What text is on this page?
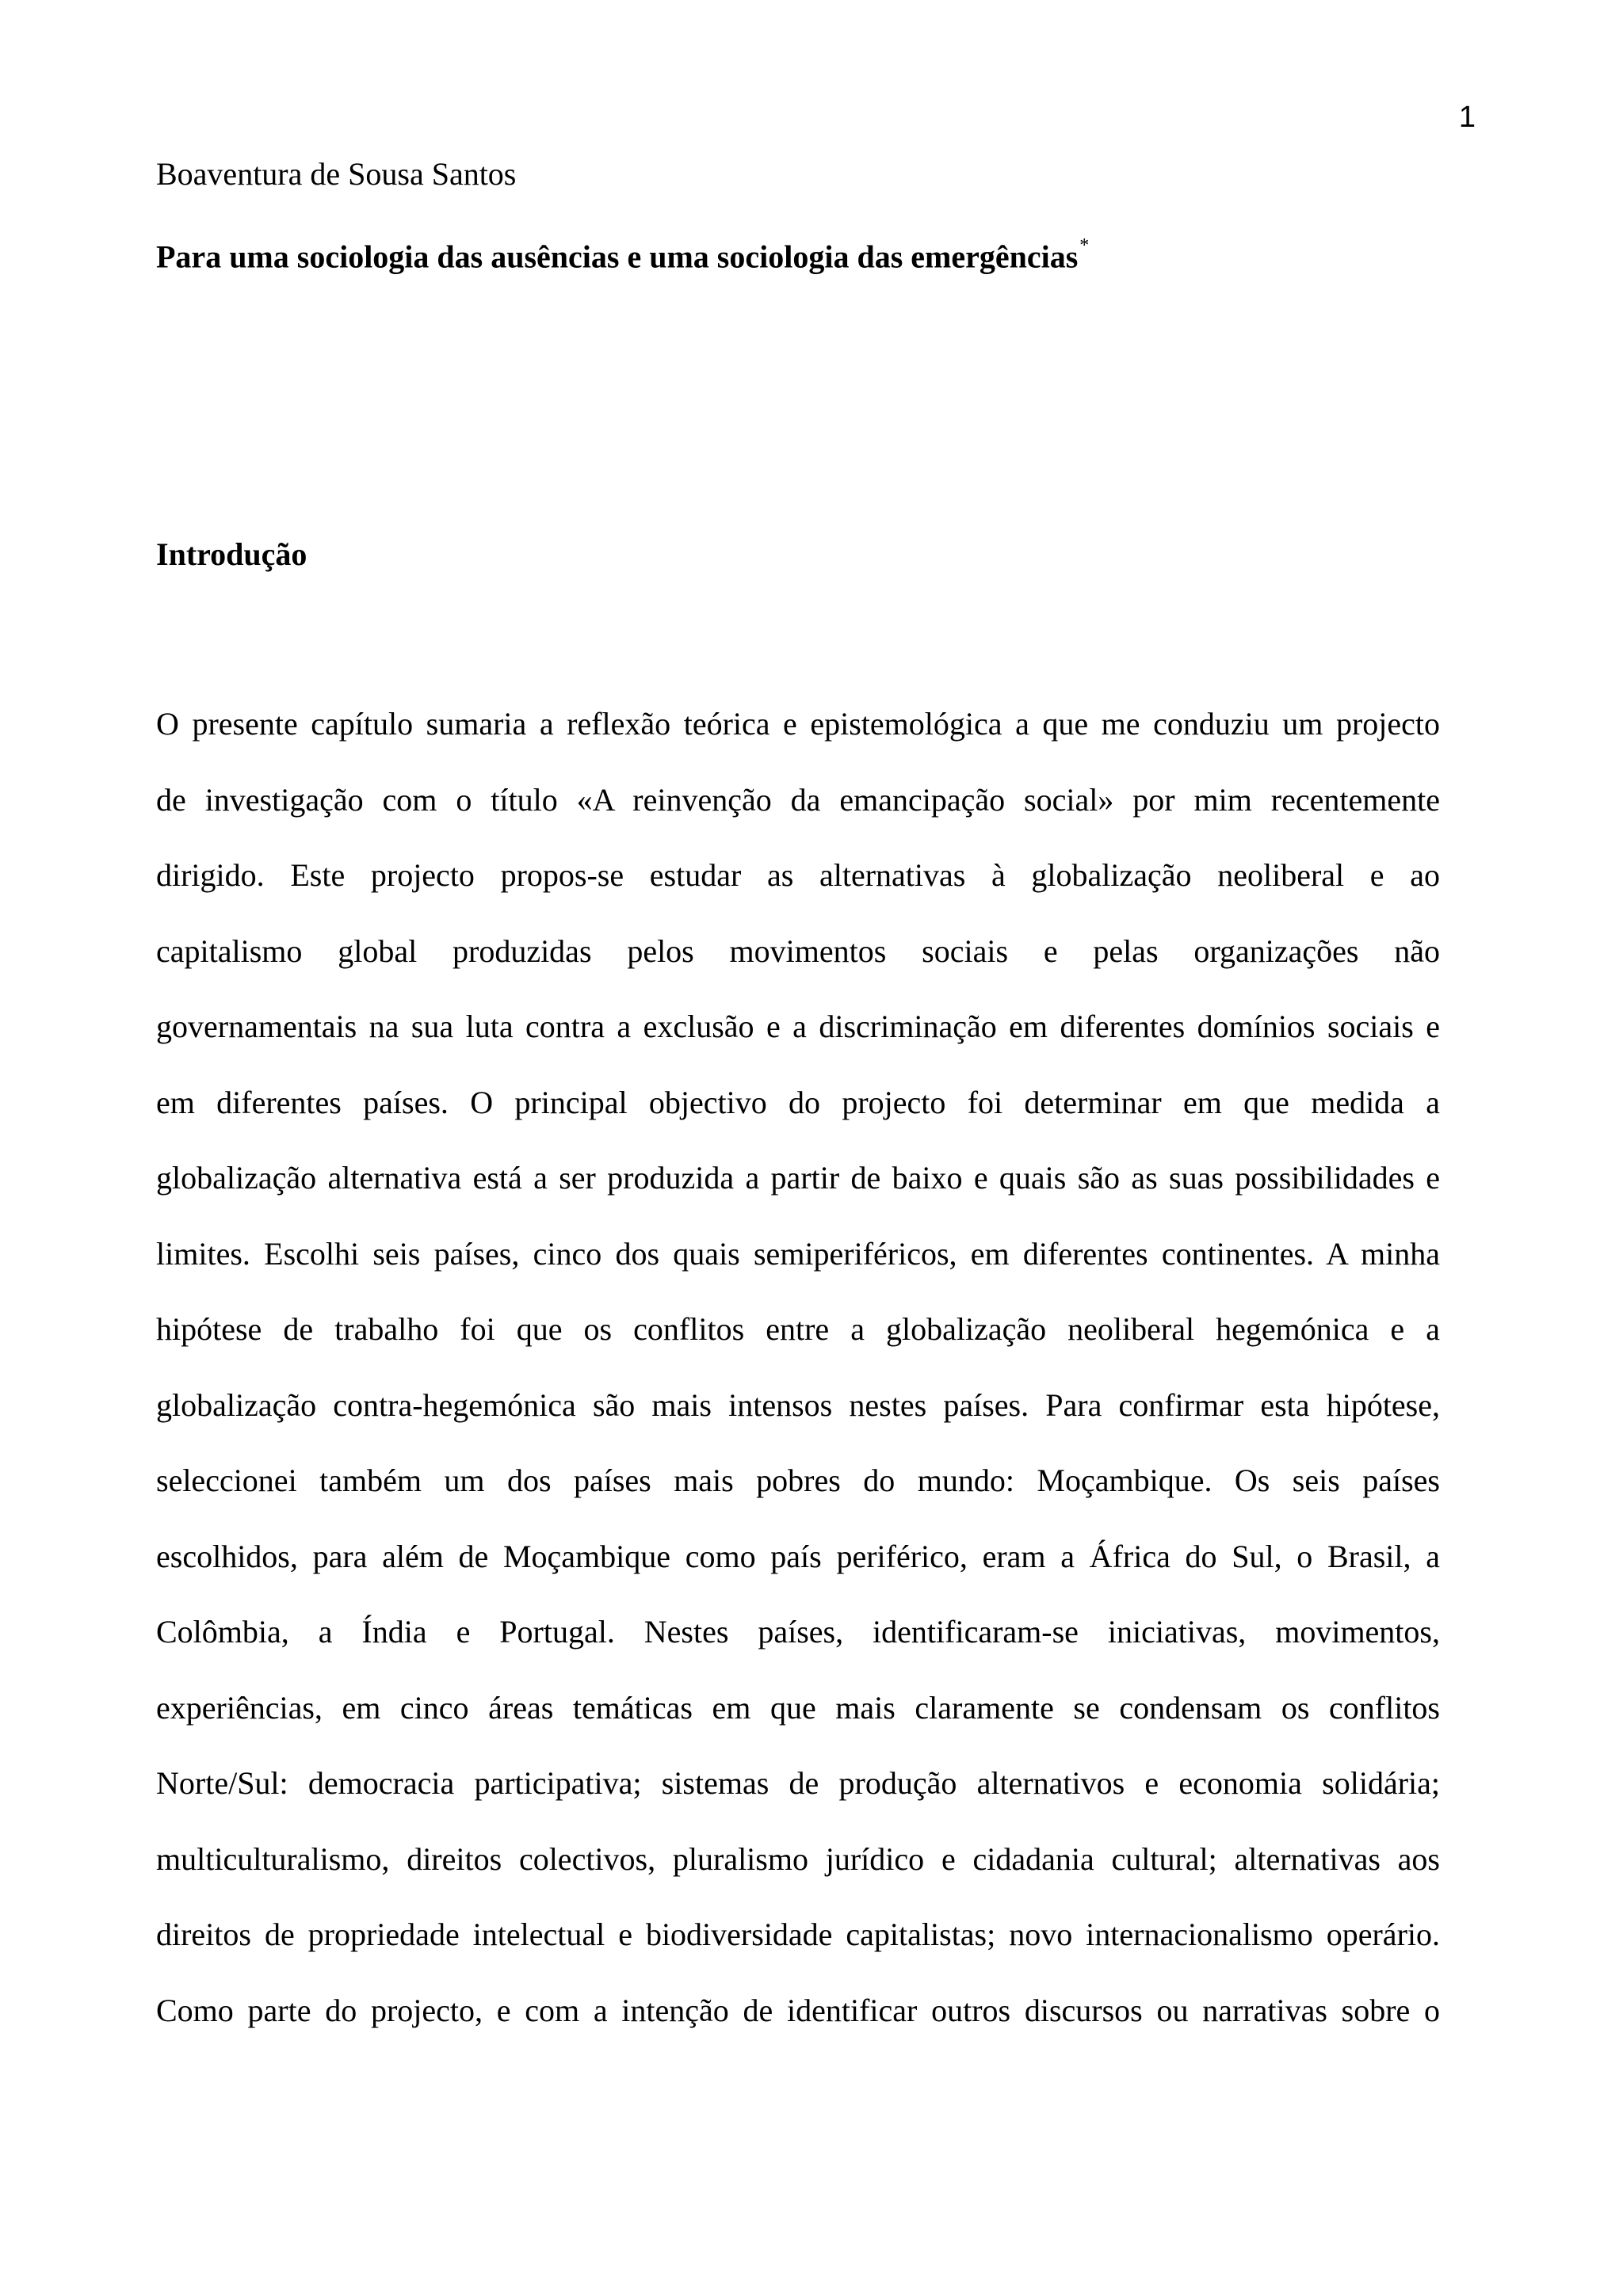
1
Boaventura de Sousa Santos
Para uma sociologia das ausências e uma sociologia das emergências*
Introdução
O presente capítulo sumaria a reflexão teórica e epistemológica a que me conduziu um projecto
de investigação com o título «A reinvenção da emancipação social» por mim recentemente
dirigido. Este projecto propos-se estudar as alternativas à globalização neoliberal e ao
capitalismo global produzidas pelos movimentos sociais e pelas organizações não
governamentais na sua luta contra a exclusão e a discriminação em diferentes domínios sociais e
em diferentes países. O principal objectivo do projecto foi determinar em que medida a
globalização alternativa está a ser produzida a partir de baixo e quais são as suas possibilidades e
limites. Escolhi seis países, cinco dos quais semiperiféricos, em diferentes continentes. A minha
hipótese de trabalho foi que os conflitos entre a globalização neoliberal hegemónica e a
globalização contra-hegemónica são mais intensos nestes países. Para confirmar esta hipótese,
seleccionei também um dos países mais pobres do mundo: Moçambique. Os seis países
escolhidos, para além de Moçambique como país periférico, eram a África do Sul, o Brasil, a
Colômbia, a Índia e Portugal. Nestes países, identificaram-se iniciativas, movimentos,
experiências, em cinco áreas temáticas em que mais claramente se condensam os conflitos
Norte/Sul: democracia participativa; sistemas de produção alternativos e economia solidária;
multiculturalismo, direitos colectivos, pluralismo jurídico e cidadania cultural; alternativas aos
direitos de propriedade intelectual e biodiversidade capitalistas; novo internacionalismo operário.
Como parte do projecto, e com a intenção de identificar outros discursos ou narrativas sobre o
